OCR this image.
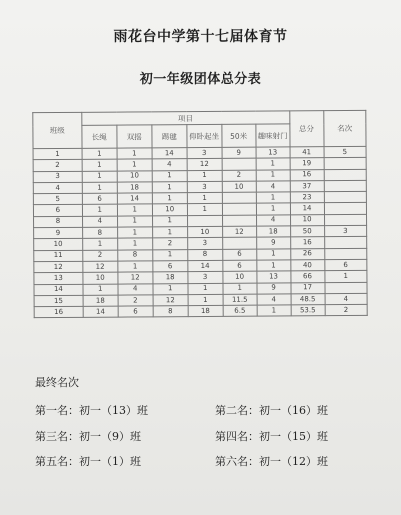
雨花台中学第十七届体育节
初一年级团体总分表
班级	项目						总分	名次
	长绳	双摇	踢毽	仰卧起坐	50米	趣味射门		
1	1	1	14	3	9	13	41	5
2	1	1	4	12		1	19	
3	1	10	1	1	2	1	16	
4	1	18	1	3	10	4	37	
5	6	14	1	1		1	23	
6	1	1	10	1		1	14	
8	4	1	1			4	10	
9	8	1	1	10	12	18	50	3
10	1	1	2	3		9	16	
11	2	8	1	8	6	1	26	
12	12	1	6	14	6	1	40	6
13	10	12	18	3	10	13	66	1
14	1	4	1	1	1	9	17	
15	18	2	12	1	11.5	4	48.5	4
16	14	6	8	18	6.5	1	53.5	2
最终名次
第一名：初一（13）班	第二名：初一（16）班
第三名：初一（9）班	第四名：初一（15）班
第五名：初一（1）班	第六名：初一（12）班
